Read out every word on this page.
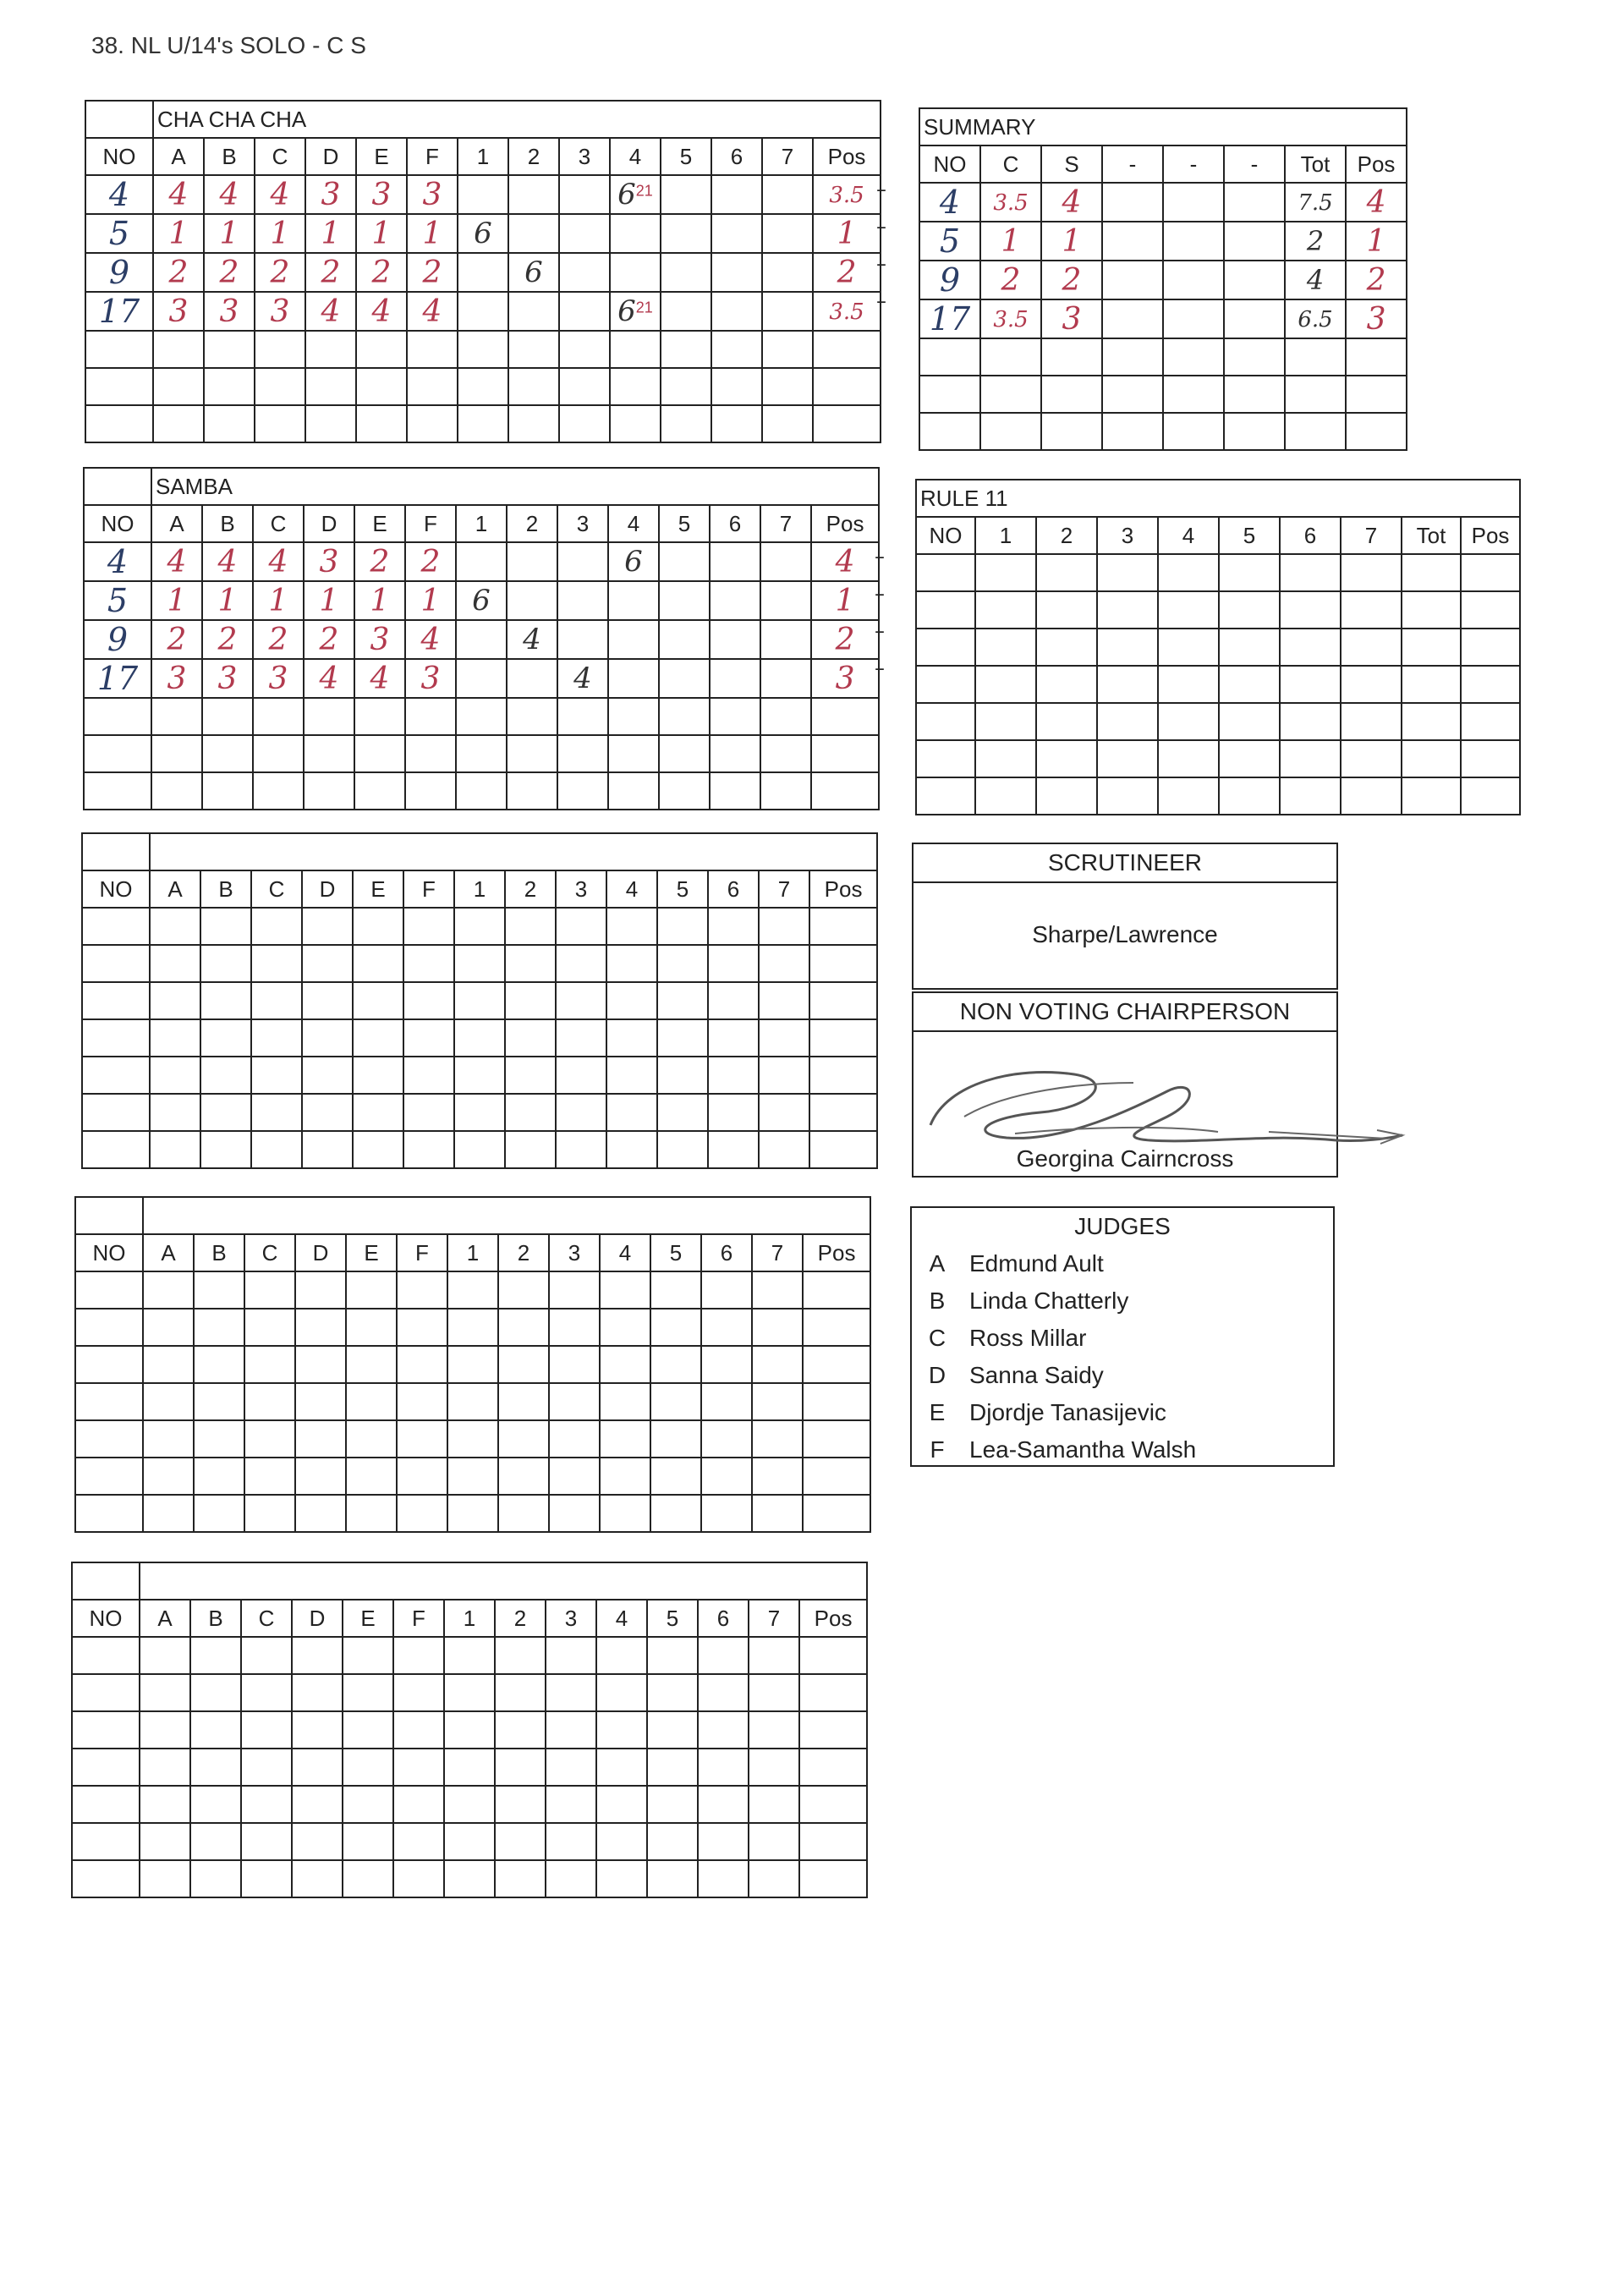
38. NL U/14's SOLO - C S
	CHA CHA CHA													
NO	A	B	C	D	E	F	1	2	3	4	5	6	7	Pos
4	4	4	4	3	3	3				$6^{21}$				3.5
5	1	1	1	1	1	1	6							1
9	2	2	2	2	2	2		6						2
17	3	3	3	4	4	4				$6^{21}$				3.5

–
–
–
–
	SAMBA													
NO	A	B	C	D	E	F	1	2	3	4	5	6	7	Pos
4	4	4	4	3	2	2				6				4
5	1	1	1	1	1	1	6							1
9	2	2	2	2	3	4		4						2
17	3	3	3	4	4	3			4					3

–
–
–
–

NO	A	B	C	D	E	F	1	2	3	4	5	6	7	Pos

NO	A	B	C	D	E	F	1	2	3	4	5	6	7	Pos

NO	A	B	C	D	E	F	1	2	3	4	5	6	7	Pos

SUMMARY							
NO	C	S	-	-	-	Tot	Pos
4	3.5	4				7.5	4
5	1	1				2	1
9	2	2				4	2
17	3.5	3				6.5	3

RULE 11									
NO	1	2	3	4	5	6	7	Tot	Pos

SCRUTINEER
Sharpe/Lawrence
NON VOTING CHAIRPERSON
Georgina Cairncross
JUDGES
A	Edmund Ault
B	Linda Chatterly
C Ross Millar
D Sanna Saidy
E	Djordje Tanasijevic
F	Lea-Samantha Walsh
